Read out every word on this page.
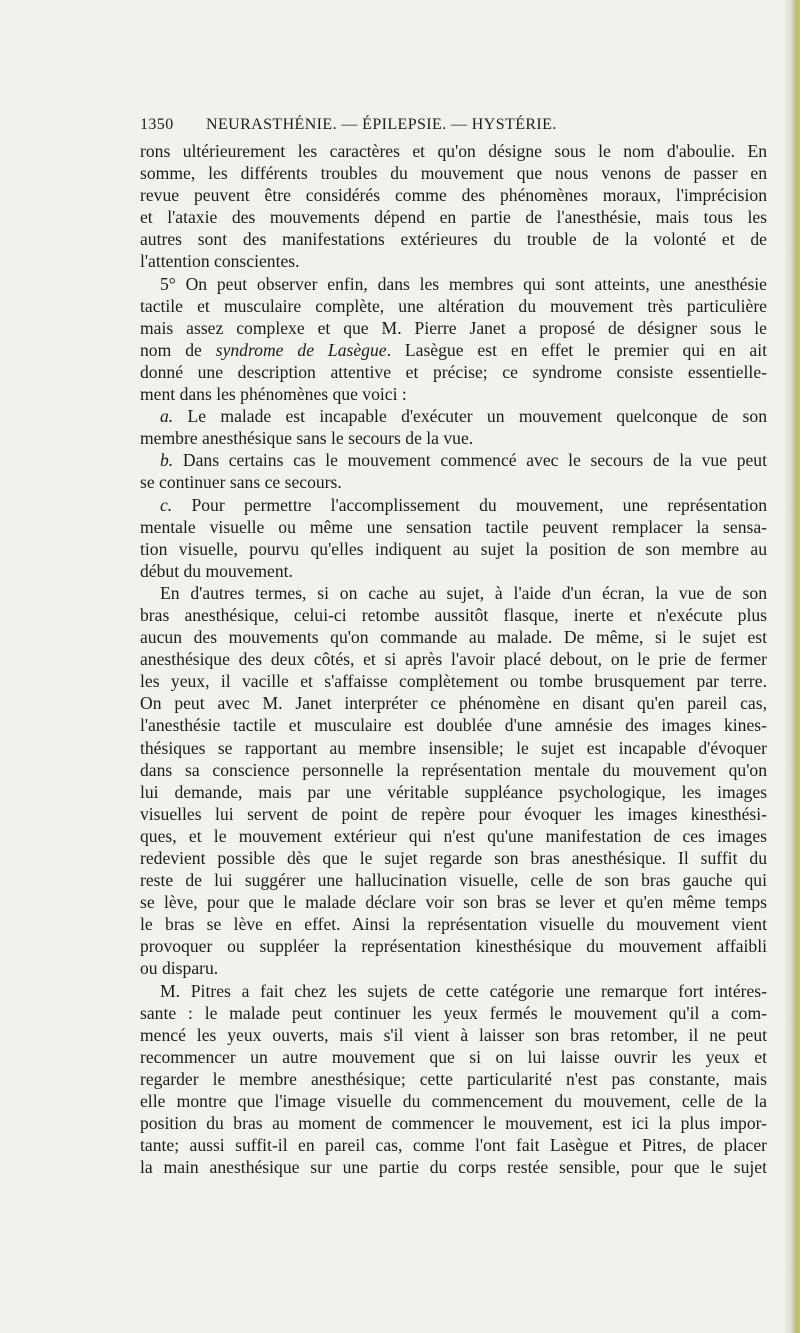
1350 NEURASTHÉNIE. — ÉPILEPSIE. — HYSTÉRIE.

rons ultérieurement les caractères et qu'on désigne sous le nom d'aboulie. En

somme, les différents troubles du mouvement que nous venons de passer en

revue peuvent être considérés comme des phénomènes moraux, l'imprécision

et l'ataxie des mouvements dépend en partie de l'anesthésie, mais tous les

autres sont des manifestations extérieures du trouble de la volonté et de

l'attention conscientes.

5° On peut observer enfin, dans les membres qui sont atteints, une anesthésie

tactile et musculaire complète, une altération du mouvement très particulière

mais assez complexe et que M. Pierre Janet a proposé de désigner sous le

nom de syndrome de Lasègue. Lasègue est en effet le premier qui en ait

donné une description attentive et précise; ce syndrome consiste essentielle-

ment dans les phénomènes que voici :

a. Le malade est incapable d'exécuter un mouvement quelconque de son

membre anesthésique sans le secours de la vue.

b. Dans certains cas le mouvement commencé avec le secours de la vue peut

se continuer sans ce secours.

c. Pour permettre l'accomplissement du mouvement, une représentation

mentale visuelle ou même une sensation tactile peuvent remplacer la sensa-

tion visuelle, pourvu qu'elles indiquent au sujet la position de son membre au

début du mouvement.

En d'autres termes, si on cache au sujet, à l'aide d'un écran, la vue de son

bras anesthésique, celui-ci retombe aussitôt flasque, inerte et n'exécute plus

aucun des mouvements qu'on commande au malade. De même, si le sujet est

anesthésique des deux côtés, et si après l'avoir placé debout, on le prie de fermer

les yeux, il vacille et s'affaisse complètement ou tombe brusquement par terre.

On peut avec M. Janet interpréter ce phénomène en disant qu'en pareil cas,

l'anesthésie tactile et musculaire est doublée d'une amnésie des images kines-

thésiques se rapportant au membre insensible; le sujet est incapable d'évoquer

dans sa conscience personnelle la représentation mentale du mouvement qu'on

lui demande, mais par une véritable suppléance psychologique, les images

visuelles lui servent de point de repère pour évoquer les images kinesthési-

ques, et le mouvement extérieur qui n'est qu'une manifestation de ces images

redevient possible dès que le sujet regarde son bras anesthésique. Il suffit du

reste de lui suggérer une hallucination visuelle, celle de son bras gauche qui

se lève, pour que le malade déclare voir son bras se lever et qu'en même temps

le bras se lève en effet. Ainsi la représentation visuelle du mouvement vient

provoquer ou suppléer la représentation kinesthésique du mouvement affaibli

ou disparu.

M. Pitres a fait chez les sujets de cette catégorie une remarque fort intéres-

sante : le malade peut continuer les yeux fermés le mouvement qu'il a com-

mencé les yeux ouverts, mais s'il vient à laisser son bras retomber, il ne peut

recommencer un autre mouvement que si on lui laisse ouvrir les yeux et

regarder le membre anesthésique; cette particularité n'est pas constante, mais

elle montre que l'image visuelle du commencement du mouvement, celle de la

position du bras au moment de commencer le mouvement, est ici la plus impor-

tante; aussi suffit-il en pareil cas, comme l'ont fait Lasègue et Pitres, de placer

la main anesthésique sur une partie du corps restée sensible, pour que le sujet
